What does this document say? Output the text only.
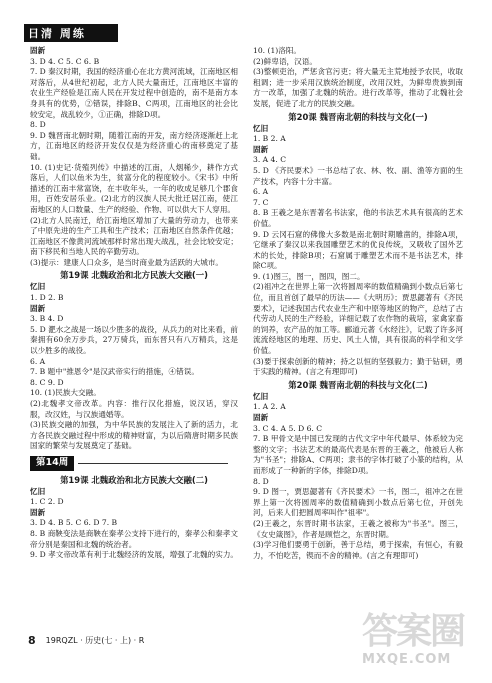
日清 周练
固新
3. D 4. C 5. C 6. B
7. D 秦汉时期，我国的经济重心在北方黄河流域，江南地区相对落后，从4世纪初起，北方人民大量南迁，江南地区丰富的农业生产经验是江南人民在开发过程中创造的，南不是南方本身具有的优势，②错误，排除B、C两项，江南地区的社会比较安定，战乱较少，①正确，排除D项。
8. D
9. D 魏晋南北朝时期，随着江南的开发，南方经济逐渐赶上北方，江南地区的经济开发仅仅是为经济重心的南移奠定了基础。
10. (1)史记·货殖列传》中描述的江南，人烟稀少，耕作方式落后，人们以鱼米为生，贫富分化的程度较小。《宋书》中所描述的江南丰常富饶，在丰收年头，一年的收成足够几个郡食用，百姓安居乐业。(2)北方的汉族人民大批迁居江南，使江南地区的人口数量、生产的经验、作物、可以供大下人穿用。
(2)北方人民南迁，给江南地区增加了大量的劳动力，也带来了中原先进的生产工具和生产技术；江南地区自然条件优越；江南地区不像黄河流域那样时常出现大战乱，社会比较安定；南下移民和当地人民的辛勤劳动。
(3)提示：建康人口众多，是当时商业最为活跃的大城市。
第19课 北魏政治和北方民族大交融(一)
忆旧
1. D 2. B
固新
3. B 4. D
5. D 淝水之战是一场以少胜多的战役，从兵力的对比来看，前秦拥有60余万步兵，27万骑兵，而东晋只有八万精兵，这是以少胜多的战役。
6. A
7. B 题中"推恩令"是汉武帝实行的措施，④错误。
8. C 9. D
10. (1)民族大交融。
(2)北魏孝文帝改革。内容：推行汉化措施，说汉话，穿汉服，改汉姓，与汉族通婚等。
(3)民族交融的加强，为中华民族的发展注入了新的活力，北方各民族交融过程中形成的精神财富，为以后隋唐时期多民族国家的繁荣与发展奠定了基础。
第14周
第19课 北魏政治和北方民族大交融(二)
忆旧
1. C 2. D
固新
3. D 4. B 5. C 6. D 7. B
8. B 商鞅变法是商鞅在秦孝公支持下进行的，秦孝公和秦孝文帝分别是秦国和北魏的统治者。
9. D 孝文帝改革有利于北魏经济的发展，增强了北魏的实力。
10. (1)洛阳。
(2)鲜卑语，汉语。
(3)整顿吏治，严惩贪官污吏；将大量无主荒地授予农民，收取租调；进一步采用汉族统治制度，改用汉姓，为鲜卑贵族到南方一改革，加强了北魏的统治。进行改革等，推动了北魏社会发展，促进了北方的民族交融。
第20课 魏晋南北朝的科技与文化(一)
忆旧
1. B 2. A
固新
3. A 4. C
5. D 《齐民要术》一书总结了农、林、牧、副、渔等方面的生产技术，内容十分丰富。
6. A
7. C
8. B 王羲之是东晋著名书法家，他的书法艺术具有很高的艺术价值。
9. D 云冈石窟的佛像大多数是南北朝时期雕凿的，排除A项，它继承了秦汉以来我国雕塑艺术的优良传统，又吸收了国外艺术的长处，排除B项；石窟属于雕塑艺术而不是书法艺术，排除C项。
9. (1)图三，图一，图四，图二。
(2)祖冲之在世界上第一次将圆周率的数值精确到小数点后第七位，而且首创了最早的历法——《大明历》；贾思勰著有《齐民要术》，记述我国古代农业生产和中原等地区的物产，总结了古代劳动人民的生产经验，详细记载了农作物的栽培，家禽家畜的饲养，农产品的加工等。郦道元著《水经注》，记载了许多河流流经地区的地理、历史、风土人情，具有很高的科学和文学价值。
(3)要于探索创新的精神；持之以恒的坚强毅力；勤于钻研，勇于实践的精神。(言之有理即可)
第20课 魏晋南北朝的科技与文化(二)
忆旧
1. A 2. A
固新
3. C 4. A 5. D 6. C
7. B 甲骨文是中国已发现的古代文字中年代最早、体系较为完整的文字；书法艺术的最高代表是东晋的王羲之，他被后人称为"书圣"；排除A、C两项；隶书的字体打破了小篆的结构，从而形成了一种新的字体，排除D项。
8. D
9. D 图一，贾思勰著有《齐民要术》一书，图二，祖冲之在世界上第一次将圆周率的数值精确到小数点后第七位，开创先河，后来人们把圆周率叫作"祖率"。
(2)王羲之，东晋时期书法家，王羲之被称为"书圣"。图三，《女史箴图》，作者是顾恺之，东晋时期。
(3)学习他们要勇于创新，善于总结，勇于探索，有恒心，有毅力，不怕吃苦，锲而不舍的精神。(言之有理即可)
8 19RQZL · 历史(七 · 上) · R	答案圈
MXQE.COM
